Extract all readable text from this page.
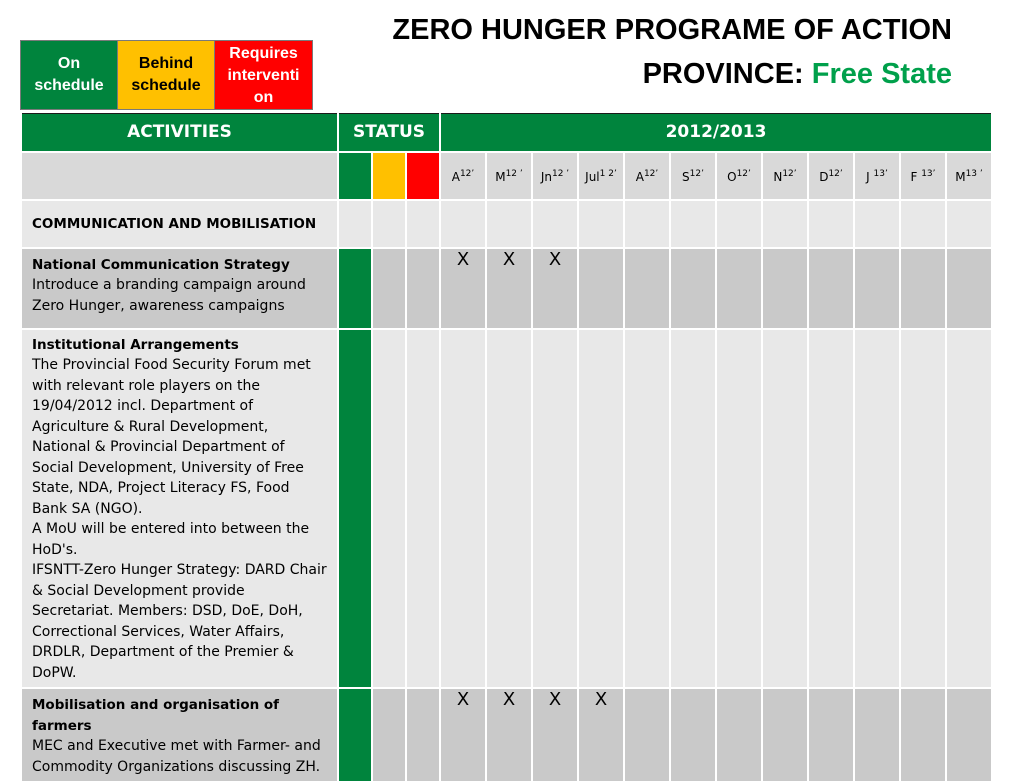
On schedule
Behind schedule
Requires interventi on
ZERO HUNGER PROGRAME OF ACTION
PROVINCE: Free State
ACTIVITIES	STATUS			2012/2013											
				$A^{12’}$	$M^{12 ’}$	$Jn^{12 ’}$	Jul$^{1 2’}$	$A^{12’}$	$S^{12’}$	$O^{12’}$	$N^{12’}$	$D^{12’}$	J $^{13’}$	F $^{13’}$	$M^{13 ’}$
COMMUNICATION AND MOBILISATION															

National Communication Strategy
Introduce a branding campaign around Zero Hunger, awareness campaigns				X	X	X									

Institutional Arrangements
The Provincial Food Security Forum met with relevant role players on the 19/04/2012 incl. Department of Agriculture & Rural Development, National & Provincial Department of Social Development, University of Free State, NDA, Project Literacy FS, Food Bank SA (NGO).
A MoU will be entered into between the HoD's.
IFSNTT-Zero Hunger Strategy: DARD Chair & Social Development provide Secretariat. Members: DSD, DoE, DoH, Correctional Services, Water Affairs, DRDLR, Department of the Premier & DoPW.															

Mobilisation and organisation of farmers
MEC and Executive met with Farmer- and Commodity Organizations discussing ZH.				X	X	X	X								
